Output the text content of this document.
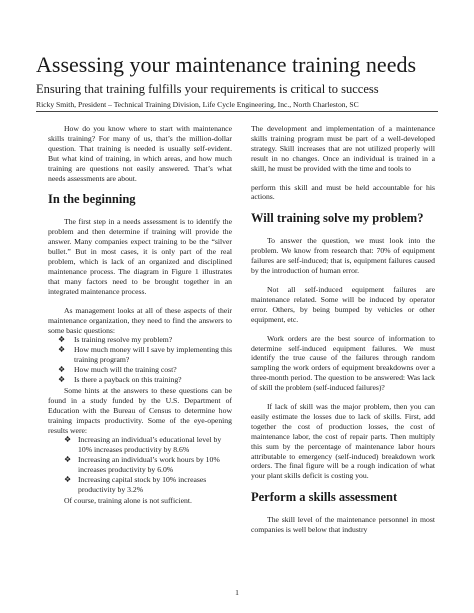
Assessing your maintenance training needs
Ensuring that training fulfills your requirements is critical to success
Ricky Smith, President – Technical Training Division, Life Cycle Engineering, Inc., North Charleston, SC

How do you know where to start with maintenance skills training? For many of us, that’s the million-dollar question. That training is needed is usually self-evident. But what kind of training, in which areas, and how much training are questions not easily answered. That’s what needs assessments are about.

In the beginning

The first step in a needs assessment is to identify the problem and then determine if training will provide the answer. Many companies expect training to be the “silver bullet.” But in most cases, it is only part of the real problem, which is lack of an organized and disciplined maintenance process. The diagram in Figure 1 illustrates that many factors need to be brought together in an integrated maintenance process.

As management looks at all of these aspects of their maintenance organization, they need to find the answers to some basic questions:

❖ Is training resolve my problem?
❖ How much money will I save by implementing this training program?
❖ How much will the training cost?
❖ Is there a payback on this training?

Some hints at the answers to these questions can be found in a study funded by the U.S. Department of Education with the Bureau of Census to determine how training impacts productivity. Some of the eye-opening results were:

❖ Increasing an individual’s educational level by 10% increases productivity by 8.6%
❖ Increasing an individual’s work hours by 10% increases productivity by 6.0%
❖ Increasing capital stock by 10% increases productivity by 3.2%

Of course, training alone is not sufficient.

The development and implementation of a maintenance skills training program must be part of a well-developed strategy. Skill increases that are not utilized properly will result in no changes. Once an individual is trained in a skill, he must be provided with the time and tools to

perform this skill and must be held accountable for his actions.

Will training solve my problem?

To answer the question, we must look into the problem. We know from research that: 70% of equipment failures are self-induced; that is, equipment failures caused by the introduction of human error.

Not all self-induced equipment failures are maintenance related. Some will be induced by operator error. Others, by being bumped by vehicles or other equipment, etc.

Work orders are the best source of information to determine self-induced equipment failures. We must identify the true cause of the failures through random sampling the work orders of equipment breakdowns over a three-month period. The question to be answered: Was lack of skill the problem (self-induced failures)?

If lack of skill was the major problem, then you can easily estimate the losses due to lack of skills. First, add together the cost of production losses, the cost of maintenance labor, the cost of repair parts. Then multiply this sum by the percentage of maintenance labor hours attributable to emergency (self-induced) breakdown work orders. The final figure will be a rough indication of what your plant skills deficit is costing you.

Perform a skills assessment

The skill level of the maintenance personnel in most companies is well below that industry

1
